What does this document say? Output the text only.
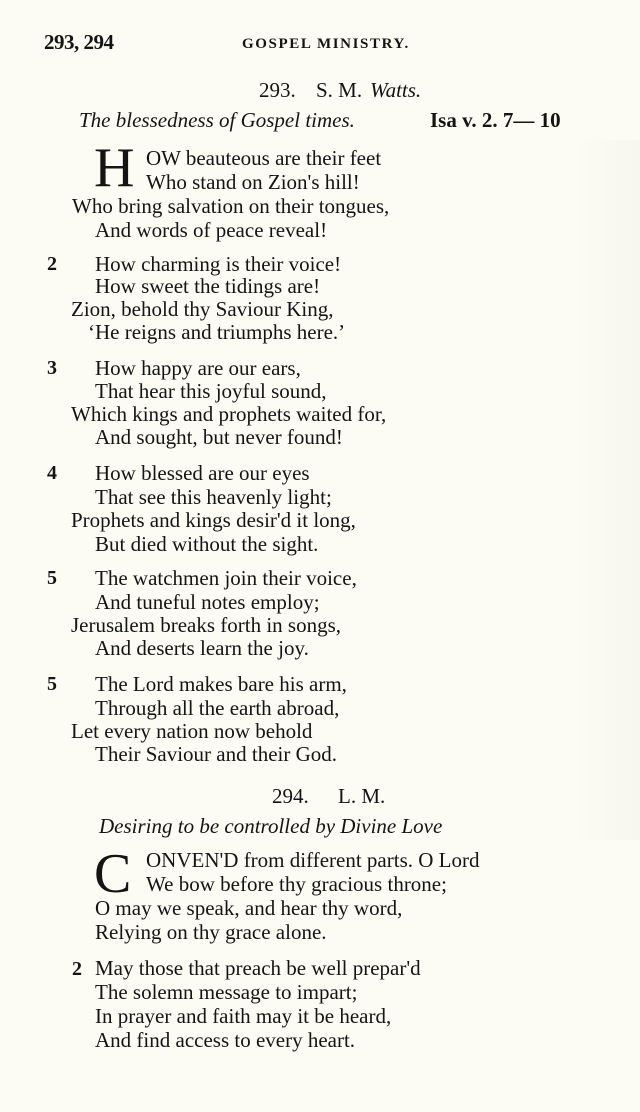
293, 294	GOSPEL MINISTRY.
293. S. M. Watts.
The blessedness of Gospel times.	Isa v. 2. 7— 10
H OW beauteous are their feet
Who stand on Zion's hill!
Who bring salvation on their tongues,
And words of peace reveal!
2 How charming is their voice!
How sweet the tidings are!
Zion, behold thy Saviour King,
‘He reigns and triumphs here.’
3 How happy are our ears,
That hear this joyful sound,
Which kings and prophets waited for,
And sought, but never found!
4 How blessed are our eyes
That see this heavenly light;
Prophets and kings desir'd it long,
But died without the sight.
5 The watchmen join their voice,
And tuneful notes employ;
Jerusalem breaks forth in songs,
And deserts learn the joy.
5 The Lord makes bare his arm,
Through all the earth abroad,
Let every nation now behold
Their Saviour and their God.
294. L. M.
Desiring to be controlled by Divine Love
C ONVEN'D from different parts. O Lord
We bow before thy gracious throne;
O may we speak, and hear thy word,
Relying on thy grace alone.
2 May those that preach be well prepar'd
The solemn message to impart;
In prayer and faith may it be heard,
And find access to every heart.
